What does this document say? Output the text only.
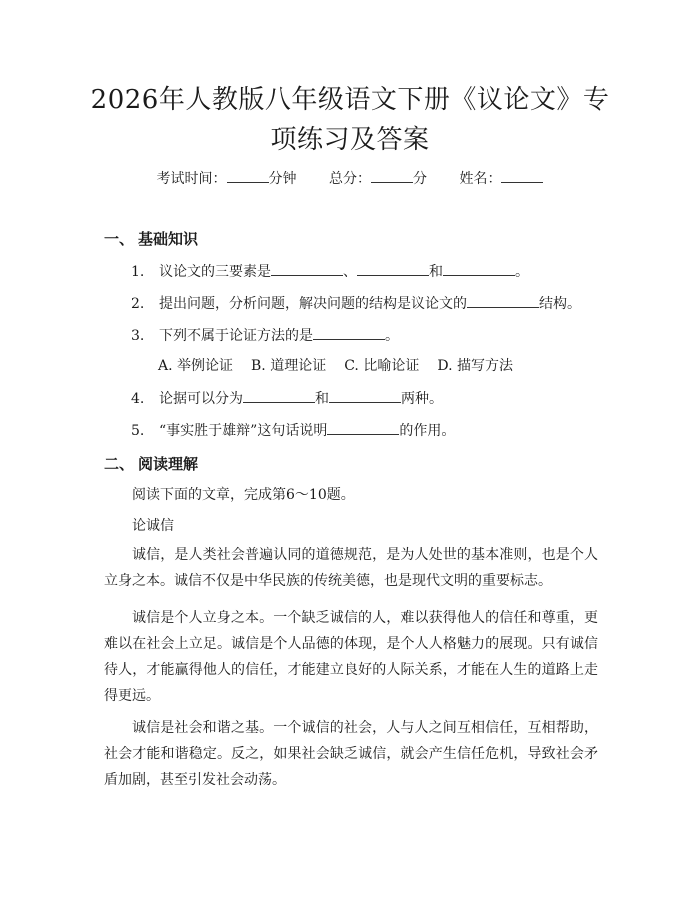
2026年人教版八年级语文下册《议论文》专项练习及答案
考试时间：	分钟 总分：	分 姓名：
一、 基础知识
1. 议论文的三要素是	、	和	。
2. 提出问题，分析问题，解决问题的结构是议论文的	结构。
3. 下列不属于论证方法的是	。
A. 举例论证 B. 道理论证 C. 比喻论证 D. 描写方法
4. 论据可以分为	和	两种。
5. “事实胜于雄辩”这句话说明	的作用。
二、 阅读理解
阅读下面的文章，完成第6～10题。
论诚信

诚信，是人类社会普遍认同的道德规范，是为人处世的基本准则，也是个人立身之本。诚信不仅是中华民族的传统美德，也是现代文明的重要标志。

诚信是个人立身之本。一个缺乏诚信的人，难以获得他人的信任和尊重，更难以在社会上立足。诚信是个人品德的体现，是个人人格魅力的展现。只有诚信待人，才能赢得他人的信任，才能建立良好的人际关系，才能在人生的道路上走得更远。

诚信是社会和谐之基。一个诚信的社会，人与人之间互相信任，互相帮助，社会才能和谐稳定。反之，如果社会缺乏诚信，就会产生信任危机，导致社会矛盾加剧，甚至引发社会动荡。
